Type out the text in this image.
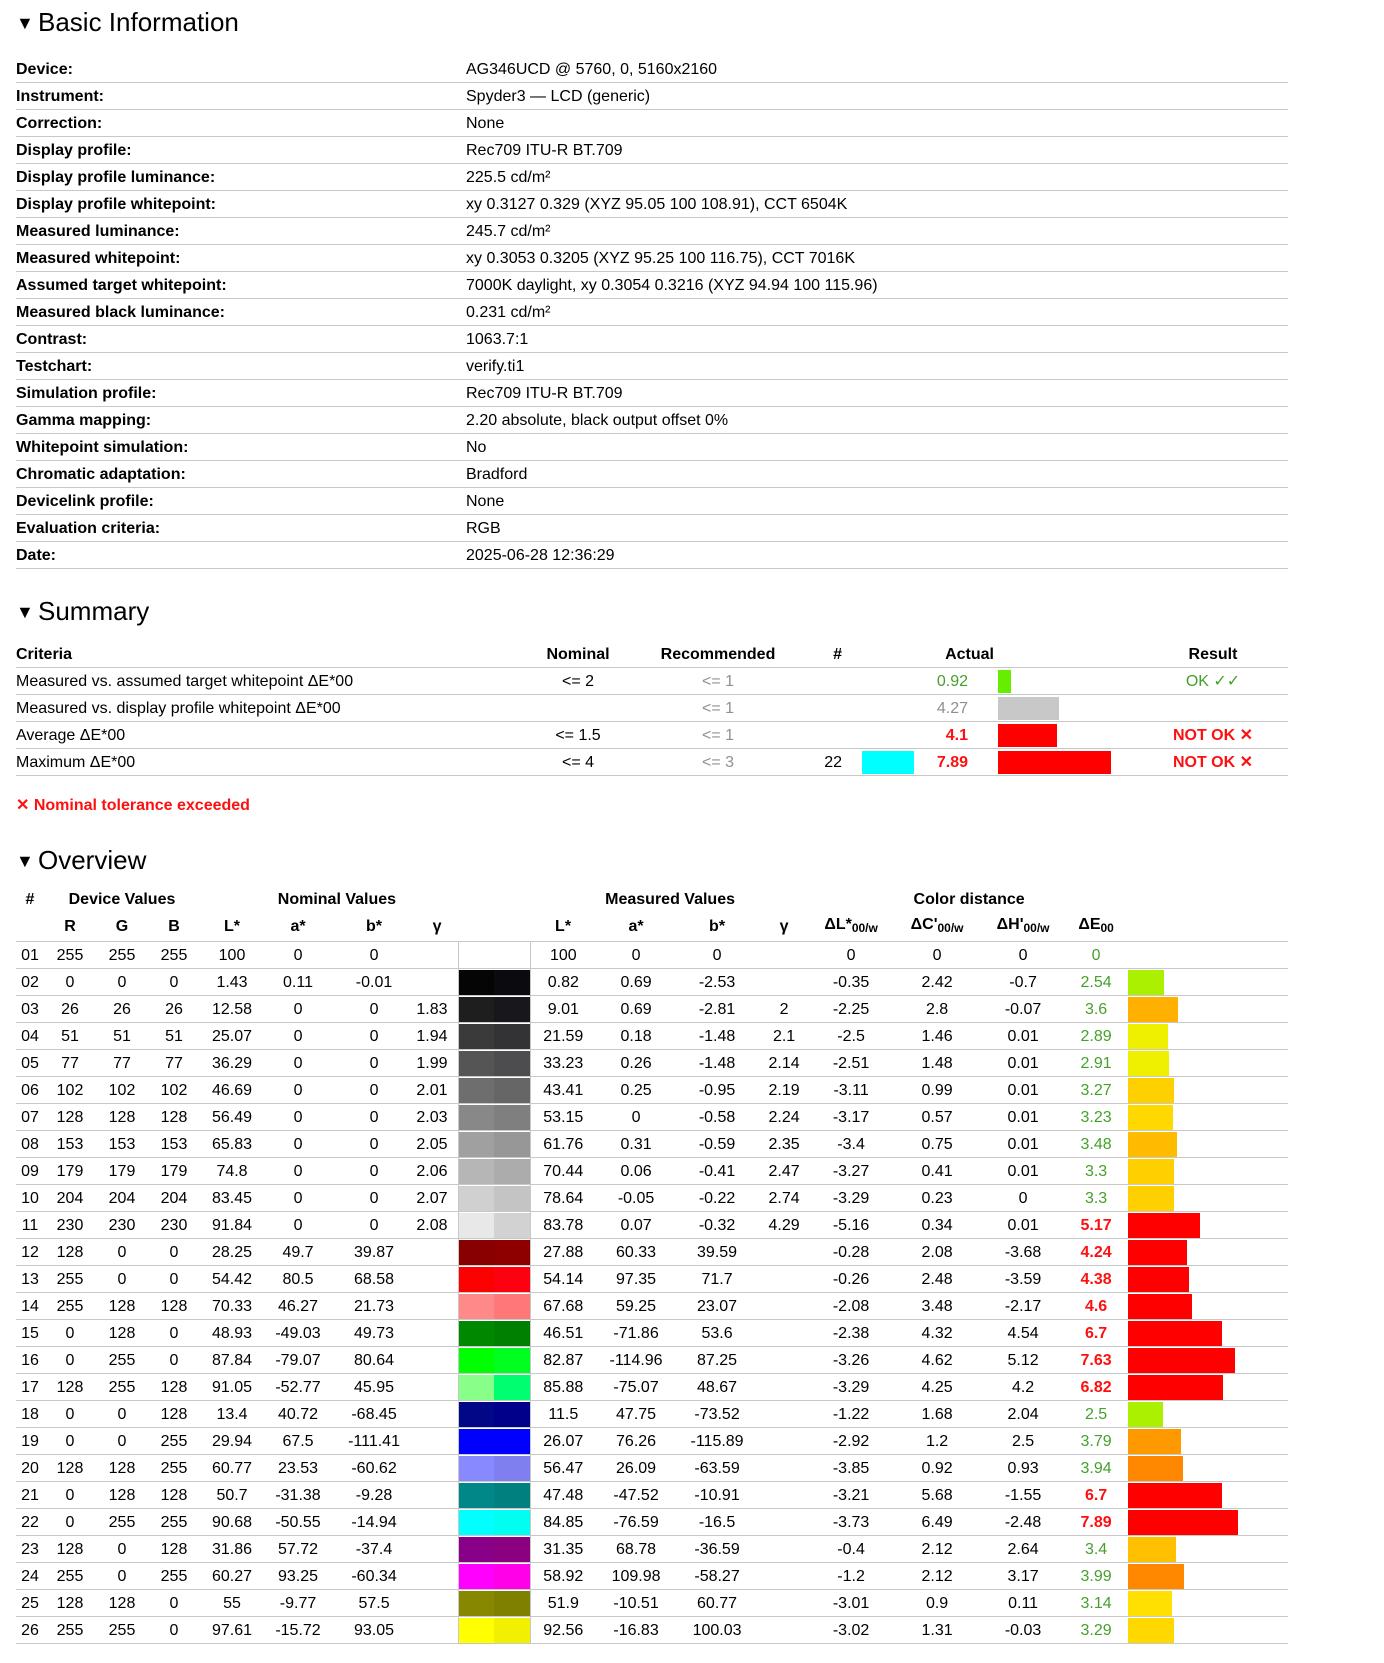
▼ Basic Information
Device:	AG346UCD @ 5760, 0, 5160x2160
Instrument:	Spyder3 — LCD (generic)
Correction:	None
Display profile:	Rec709 ITU-R BT.709
Display profile luminance:	225.5 cd/m²
Display profile whitepoint:	xy 0.3127 0.329 (XYZ 95.05 100 108.91), CCT 6504K
Measured luminance:	245.7 cd/m²
Measured whitepoint:	xy 0.3053 0.3205 (XYZ 95.25 100 116.75), CCT 7016K
Assumed target whitepoint:	7000K daylight, xy 0.3054 0.3216 (XYZ 94.94 100 115.96)
Measured black luminance:	0.231 cd/m²
Contrast:	1063.7:1
Testchart:	verify.ti1
Simulation profile:	Rec709 ITU-R BT.709
Gamma mapping:	2.20 absolute, black output offset 0%
Whitepoint simulation:	No
Chromatic adaptation:	Bradford
Devicelink profile:	None
Evaluation criteria:	RGB
Date:	2025-06-28 12:36:29
▼ Summary
Criteria	Nominal	Recommended	#		Actual		Result
Measured vs. assumed target whitepoint ΔE*00	<= 2	<= 1			0.92		OK ✓✓
Measured vs. display profile whitepoint ΔE*00		<= 1			4.27		
Average ΔE*00	<= 1.5	<= 1			4.1		NOT OK ✕
Maximum ΔE*00	<= 4	<= 3	22		7.89		NOT OK ✕
✕ Nominal tolerance exceeded
▼ Overview
#	Device Values			Nominal Values					Measured Values				Color distance				
	R	G	B	L*	a*	b*	γ		L*	a*	b*	γ	$\Delta L*_{00/w}$	$\Delta C'_{00/w}$	$\Delta H'_{00/w}$	$\Delta E_{00}$	
01	255	255	255	100	0	0			100	0	0		0	0	0	0	
02	0	0	0	1.43	0.11	-0.01			0.82	0.69	-2.53		-0.35	2.42	-0.7	2.54	
03	26	26	26	12.58	0	0	1.83		9.01	0.69	-2.81	2	-2.25	2.8	-0.07	3.6	
04	51	51	51	25.07	0	0	1.94		21.59	0.18	-1.48	2.1	-2.5	1.46	0.01	2.89	
05	77	77	77	36.29	0	0	1.99		33.23	0.26	-1.48	2.14	-2.51	1.48	0.01	2.91	
06	102	102	102	46.69	0	0	2.01		43.41	0.25	-0.95	2.19	-3.11	0.99	0.01	3.27	
07	128	128	128	56.49	0	0	2.03		53.15	0	-0.58	2.24	-3.17	0.57	0.01	3.23	
08	153	153	153	65.83	0	0	2.05		61.76	0.31	-0.59	2.35	-3.4	0.75	0.01	3.48	
09	179	179	179	74.8	0	0	2.06		70.44	0.06	-0.41	2.47	-3.27	0.41	0.01	3.3	
10	204	204	204	83.45	0	0	2.07		78.64	-0.05	-0.22	2.74	-3.29	0.23	0	3.3	
11	230	230	230	91.84	0	0	2.08		83.78	0.07	-0.32	4.29	-5.16	0.34	0.01	5.17	
12	128	0	0	28.25	49.7	39.87			27.88	60.33	39.59		-0.28	2.08	-3.68	4.24	
13	255	0	0	54.42	80.5	68.58			54.14	97.35	71.7		-0.26	2.48	-3.59	4.38	
14	255	128	128	70.33	46.27	21.73			67.68	59.25	23.07		-2.08	3.48	-2.17	4.6	
15	0	128	0	48.93	-49.03	49.73			46.51	-71.86	53.6		-2.38	4.32	4.54	6.7	
16	0	255	0	87.84	-79.07	80.64			82.87	-114.96	87.25		-3.26	4.62	5.12	7.63	
17	128	255	128	91.05	-52.77	45.95			85.88	-75.07	48.67		-3.29	4.25	4.2	6.82	
18	0	0	128	13.4	40.72	-68.45			11.5	47.75	-73.52		-1.22	1.68	2.04	2.5	
19	0	0	255	29.94	67.5	-111.41			26.07	76.26	-115.89		-2.92	1.2	2.5	3.79	
20	128	128	255	60.77	23.53	-60.62			56.47	26.09	-63.59		-3.85	0.92	0.93	3.94	
21	0	128	128	50.7	-31.38	-9.28			47.48	-47.52	-10.91		-3.21	5.68	-1.55	6.7	
22	0	255	255	90.68	-50.55	-14.94			84.85	-76.59	-16.5		-3.73	6.49	-2.48	7.89	
23	128	0	128	31.86	57.72	-37.4			31.35	68.78	-36.59		-0.4	2.12	2.64	3.4	
24	255	0	255	60.27	93.25	-60.34			58.92	109.98	-58.27		-1.2	2.12	3.17	3.99	
25	128	128	0	55	-9.77	57.5			51.9	-10.51	60.77		-3.01	0.9	0.11	3.14	
26	255	255	0	97.61	-15.72	93.05			92.56	-16.83	100.03		-3.02	1.31	-0.03	3.29	
